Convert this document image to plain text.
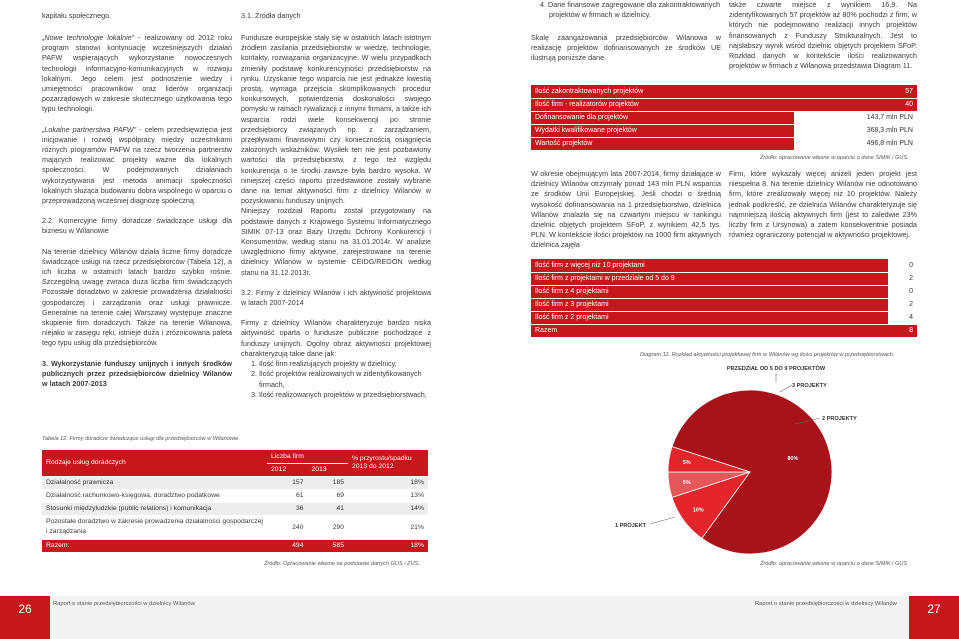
kapitału społecznego.

„Nowe technologie lokalnie" - realizowany od 2012 roku program stanowi kontynuację wcześniejszych działań PAFW wspierających wykorzystanie nowoczesnych technologii informacyjno-komunikacyjnych w rozwoju lokalnym. Jego celem jest podnoszenie wiedzy i umiejętności pracowników oraz liderów organizacji pozarządowych w zakresie skutecznego użytkowania tego typu technologii.

„Lokalne partnerstwa PAFW" - celem przedsięwzięcia jest inicjowanie i rozwój współpracy między uczestnikami różnych programów PAFW na rzecz tworzenia partnerstw mających realizować projekty ważne dla lokalnych społeczności. W podejmowanych działaniach wykorzystywana jest metoda animacji społeczności lokalnych służąca budowaniu dobra wspólnego w oparciu o przeprowadzoną wcześniej diagnozę społeczną.

2.2. Komercyjne firmy doradcze świadczące usługi dla biznesu w Wilanowie

Na terenie dzielnicy Wilanów działa liczne firmy doradcze świadczące usługi na rzecz przedsiębiorców (Tabela 12), a ich liczba w ostatnich latach bardzo szybko rośnie. Szczególną uwagę zwraca duża liczba firm świadczących Pozostałe doradztwo w zakresie prowadzenia działalności gospodarczej i zarządzania oraz usługi prawnicze. Generalnie na terenie całej Warszawy występuje znaczne skupienie firm doradczych. Także na terenie Wilanowa, niejako w zasięgu ręki, istnieje duża i zróżnicowana paleta tego typu usług dla przedsiębiorców.

3. Wykorzystanie funduszy unijnych i innych środków publicznych przez przedsiębiorców dzielnicy Wilanów w latach 2007-2013

3.1. Źródła danych

Fundusze europejskie stały się w ostatnich latach istotnym źródłem zasilania przedsiębiorstw w wiedzę, technologie, kontakty, rozwiązania organizacyjne. W wielu przypadkach zmieniły podstawę konkurencyjności przedsiębiorstw na rynku. Uzyskanie tego wsparcia nie jest jednakże kwestią prostą, wymaga przejścia skomplikowanych procedur konkursowych, potwierdzenia doskonałości swojego pomysłu w ramach rywalizacji z innymi firmami, a także ich wsparcia rodzi wiele konsekwencji po stronie przedsiębiorcy związanych np. z zarządzaniem, przepływami finansowymi czy koniecznością osiągnięcia założonych wskaźników. Wysiłek ten nie jest pozbawiony wartości dla przedsiębiorstw, z tego też względu konkurencja o te środki zawsze była bardzo wysoka. W niniejszej części raportu przedstawione zostały wybrane dane na temat aktywności firm z dzielnicy Wilanów w pozyskiwaniu funduszy unijnych.

Niniejszy rozdział Raportu został przygotowany na podstawie danych z Krajowego Systemu Informatycznego SIMIK 07-13 oraz Bazy Urzędu Ochrony Konkurencji i Konsumentów, według stanu na 31.01.2014r. W analizie uwzględniono firmy aktywne, zarejestrowane na terenie dzielnicy Wilanów w systemie CEIDG/REGON według stanu na 31.12.2013r.

3.2. Firmy z dzielnicy Wilanów i ich aktywność projektowa w latach 2007-2014

Firmy z dzielnicy Wilanów charakteryzuje bardzo niska aktywność oparta o fundusze publiczne pochodzące z funduszy unijnych. Ogólny obraz aktywności projektowej charakteryzują takie dane jak:

1. Ilość firm realizujących projekty w dzielnicy,
2. Ilość projektów realizowanych w zidentyfikowanych firmach,
3. Ilość realizowanych projektów w przedsiębiorstwach,
4. Dane finansowe zagregowane dla zakontraktowanych projektów w firmach w dzielnicy.
Skalę zaangażowania przedsiębiorców Wilanowa w realizację projektów dofinansowanych ze środków UE ilustrują poniższe dane.
W okresie obejmującym lata 2007-2014, firmy działające w dzielnicy Wilanów otrzymały ponad 143 mln PLN wsparcia ze środków Unii Europejskiej. Jeśli chodzi o średnią wysokość dofinansowania na 1 przedsiębiorstwo, dzielnica Wilanów znalazła się na czwartym miejscu w rankingu dzielnic objętych projektem SFoP, z wynikiem 42,5 tys. PLN. W kontekście ilości projektów na 1000 firm aktywnych dzielnica zajęła
także czwarte miejsce z wynikiem 16,9. Na zidentyfikowanych 57 projektów aż 80% pochodzi z firm, w których nie podejmowano realizacji innych projektów finansowanych z Funduszy Strukturalnych. Jest to najsłabszy wynik wśród dzielnic objętych projektem SFoP. Rozkład danych w kontekście ilości realizowanych projektów w firmach z Wilanowa przedstawia Diagram 11.
Firm, które wykazały więcej aniżeli jeden projekt jest niespełna 8. Na terenie dzielnicy Wilanów nie odnotowano firm, które zrealizowały więcej niż 10 projektów. Należy jednak podkreślić, że dzielnica Wilanów charakteryzuje się najmniejszą ilością aktywnych firm (jest to zaledwie 23% liczby firm z Ursynowa) a zatem konsekwentnie posiada również ograniczony potencjał w aktywności projektowej.
Ilość zakontraktowanych projektów	57
Ilość firm - realizatorów projektów	40
Dofinansowanie dla projektów	143,7 mln PLN
Wydatki kwalifikowane projektów	368,3 mln PLN
Wartość projektów	496,8 mln PLN
Źródło: opracowanie własne w oparciu o dane SIMIK i GUS
Ilość firm z więcej niż 10 projektami	0
Ilość firm z projektami w przedziale od 5 do 9	2
Ilość firm z 4 projektami	0
Ilość firm z 3 projektami	2
Ilość firm z 2 projektami	4
Razem	8
Diagram 11. Rozkład aktywności projektowej firm w Wilanów wg ilości projektów w przedsiębiorstwach.
PRZEDZIAŁ OD 5 DO 9 PROJEKTÓW
3 PROJEKTY
2 PROJEKTY
1 PROJEKT
80%
10%
5%
5%
Źródło: opracowanie własne w oparciu o dane SIMIK i GUS
Tabela 12. Firmy doradcze świadczące usługi dla przedsiębiorców w Wilanowie
Rodzaje usług doradczych	Liczba firm		% przyrostu/spadku 2013 do 2012
	2012	2013	
Działalność prawnicza	157	185	18%
Działalność rachunkowo-księgowa, doradztwo podatkowe	61	69	13%
Stosunki międzyludzkie (public relations) i komunikacja	36	41	14%
Pozostałe doradztwo w zakresie prowadzenia działalności gospodarczej i zarządzania	240	290	21%
Razem:	494	585	18%
Źródło: Opracowanie własne na podstawie danych GUS i ZUS.
26	27
Raport o stanie przedsiębiorczości w dzielnicy Wilanów	Raport o stanie przedsiębiorczości w dzielnicy Wilanów
